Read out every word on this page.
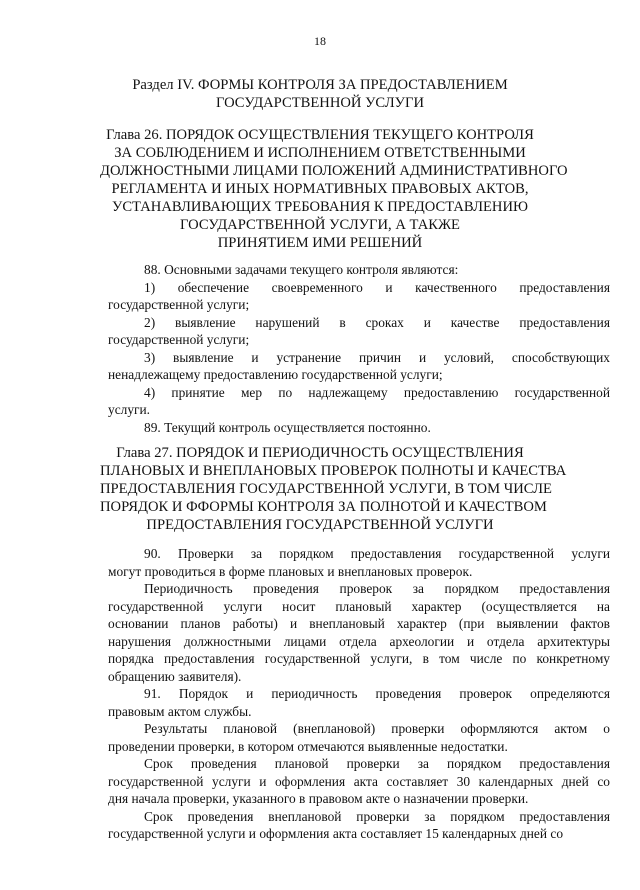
18
Раздел IV. ФОРМЫ КОНТРОЛЯ ЗА ПРЕДОСТАВЛЕНИЕМ
ГОСУДАРСТВЕННОЙ УСЛУГИ
Глава 26. ПОРЯДОК ОСУЩЕСТВЛЕНИЯ ТЕКУЩЕГО КОНТРОЛЯ
ЗА СОБЛЮДЕНИЕМ И ИСПОЛНЕНИЕМ ОТВЕТСТВЕННЫМИ
ДОЛЖНОСТНЫМИ ЛИЦАМИ ПОЛОЖЕНИЙ АДМИНИСТРАТИВНОГО
РЕГЛАМЕНТА И ИНЫХ НОРМАТИВНЫХ ПРАВОВЫХ АКТОВ,
УСТАНАВЛИВАЮЩИХ ТРЕБОВАНИЯ К ПРЕДОСТАВЛЕНИЮ
ГОСУДАРСТВЕННОЙ УСЛУГИ, А ТАКЖЕ
ПРИНЯТИЕМ ИМИ РЕШЕНИЙ
88. Основными задачами текущего контроля являются:
1) обеспечение своевременного и качественного предоставления
государственной услуги;
2) выявление нарушений в сроках и качестве предоставления
государственной услуги;
3) выявление и устранение причин и условий, способствующих
ненадлежащему предоставлению государственной услуги;
4) принятие мер по надлежащему предоставлению государственной
услуги.
89. Текущий контроль осуществляется постоянно.
Глава 27. ПОРЯДОК И ПЕРИОДИЧНОСТЬ ОСУЩЕСТВЛЕНИЯ
ПЛАНОВЫХ И ВНЕПЛАНОВЫХ ПРОВЕРОК ПОЛНОТЫ И КАЧЕСТВА
ПРЕДОСТАВЛЕНИЯ ГОСУДАРСТВЕННОЙ УСЛУГИ, В ТОМ ЧИСЛЕ
ПОРЯДОК И ФФОРМЫ КОНТРОЛЯ ЗА ПОЛНОТОЙ И КАЧЕСТВОМ
ПРЕДОСТАВЛЕНИЯ ГОСУДАРСТВЕННОЙ УСЛУГИ
90. Проверки за порядком предоставления государственной услуги
могут проводиться в форме плановых и внеплановых проверок.
Периодичность проведения проверок за порядком предоставления
государственной услуги носит плановый характер (осуществляется на
основании планов работы) и внеплановый характер (при выявлении фактов
нарушения должностными лицами отдела археологии и отдела архитектуры
порядка предоставления государственной услуги, в том числе по конкретному
обращению заявителя).
91. Порядок и периодичность проведения проверок определяются
правовым актом службы.
Результаты плановой (внеплановой) проверки оформляются актом о
проведении проверки, в котором отмечаются выявленные недостатки.
Срок проведения плановой проверки за порядком предоставления
государственной услуги и оформления акта составляет 30 календарных дней со
дня начала проверки, указанного в правовом акте о назначении проверки.
Срок проведения внеплановой проверки за порядком предоставления
государственной услуги и оформления акта составляет 15 календарных дней со
